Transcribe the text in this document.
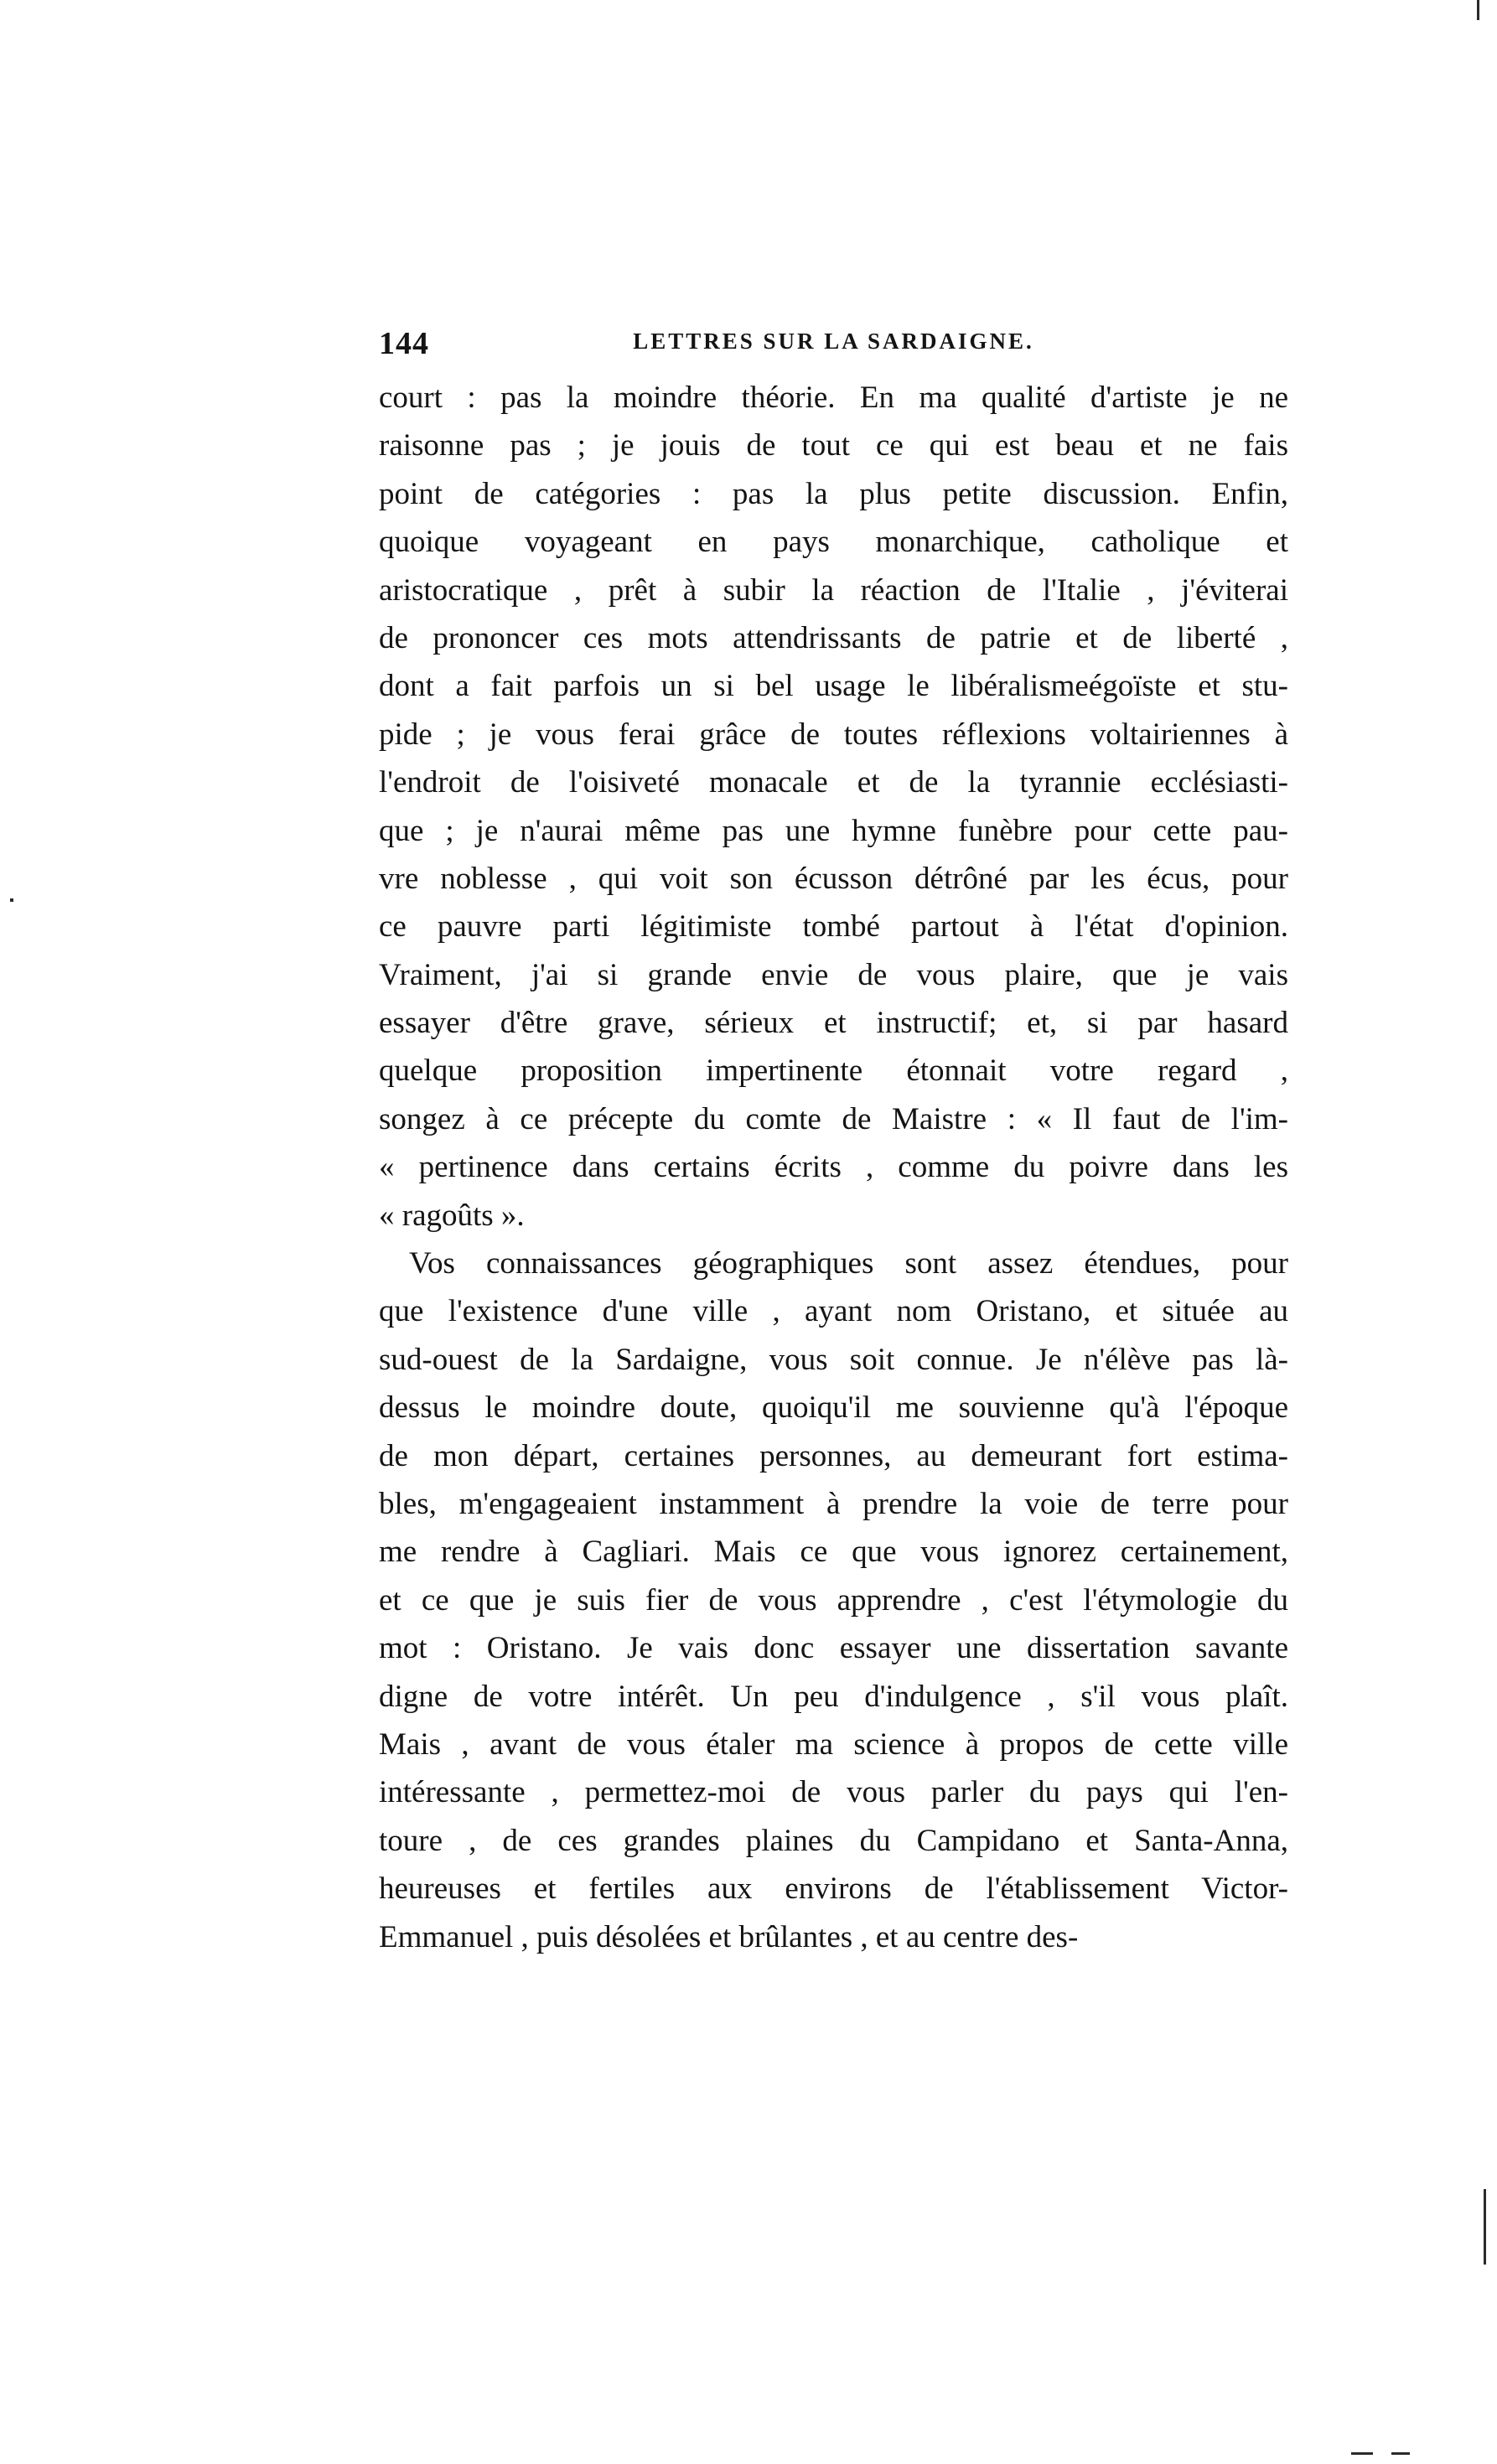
144	LETTRES SUR LA SARDAIGNE.
court : pas la moindre théorie. En ma qualité d'artiste je ne
raisonne pas ; je jouis de tout ce qui est beau et ne fais
point de catégories : pas la plus petite discussion. Enfin,
quoique voyageant en pays monarchique, catholique et
aristocratique , prêt à subir la réaction de l'Italie , j'éviterai
de prononcer ces mots attendrissants de patrie et de liberté ,
dont a fait parfois un si bel usage le libéralismeégoïste et stu-
pide ; je vous ferai grâce de toutes réflexions voltairiennes à
l'endroit de l'oisiveté monacale et de la tyrannie ecclésiasti-
que ; je n'aurai même pas une hymne funèbre pour cette pau-
vre noblesse , qui voit son écusson détrôné par les écus, pour
ce pauvre parti légitimiste tombé partout à l'état d'opinion.
Vraiment, j'ai si grande envie de vous plaire, que je vais
essayer d'être grave, sérieux et instructif; et, si par hasard
quelque proposition impertinente étonnait votre regard ,
songez à ce précepte du comte de Maistre : « Il faut de l'im-
« pertinence dans certains écrits , comme du poivre dans les
« ragoûts ».
Vos connaissances géographiques sont assez étendues, pour
que l'existence d'une ville , ayant nom Oristano, et située au
sud-ouest de la Sardaigne, vous soit connue. Je n'élève pas là-
dessus le moindre doute, quoiqu'il me souvienne qu'à l'époque
de mon départ, certaines personnes, au demeurant fort estima-
bles, m'engageaient instamment à prendre la voie de terre pour
me rendre à Cagliari. Mais ce que vous ignorez certainement,
et ce que je suis fier de vous apprendre , c'est l'étymologie du
mot : Oristano. Je vais donc essayer une dissertation savante
digne de votre intérêt. Un peu d'indulgence , s'il vous plaît.
Mais , avant de vous étaler ma science à propos de cette ville
intéressante , permettez-moi de vous parler du pays qui l'en-
toure , de ces grandes plaines du Campidano et Santa-Anna,
heureuses et fertiles aux environs de l'établissement Victor-
Emmanuel , puis désolées et brûlantes , et au centre des-
